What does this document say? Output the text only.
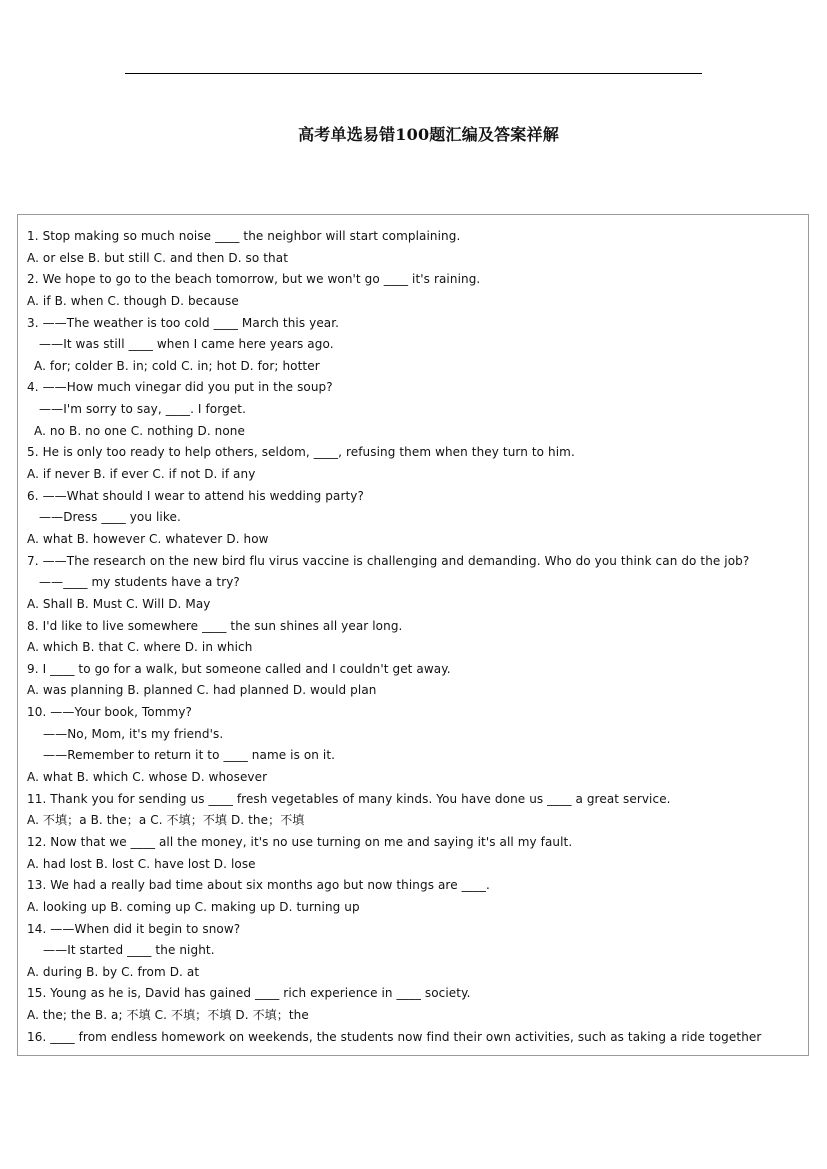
高考单选易错100题汇编及答案祥解
1. Stop making so much noise ____ the neighbor will start complaining.
A. or else B. but still C. and then D. so that
2. We hope to go to the beach tomorrow, but we won't go ____ it's raining.
A. if B. when C. though D. because
3. ——The weather is too cold ____ March this year.
——It was still ____ when I came here years ago.
A. for; colder B. in; cold C. in; hot D. for; hotter
4. ——How much vinegar did you put in the soup?
——I'm sorry to say, ____. I forget.
A. no B. no one C. nothing D. none
5. He is only too ready to help others, seldom, ____, refusing them when they turn to him.
A. if never B. if ever C. if not D. if any
6. ——What should I wear to attend his wedding party?
——Dress ____ you like.
A. what B. however C. whatever D. how
7. ——The research on the new bird flu virus vaccine is challenging and demanding. Who do you think can do the job?
——____ my students have a try?
A. Shall B. Must C. Will D. May
8. I'd like to live somewhere ____ the sun shines all year long.
A. which B. that C. where D. in which
9. I ____ to go for a walk, but someone called and I couldn't get away.
A. was planning B. planned C. had planned D. would plan
10. ——Your book, Tommy?
——No, Mom, it's my friend's.
——Remember to return it to ____ name is on it.
A. what B. which C. whose D. whosever
11. Thank you for sending us ____ fresh vegetables of many kinds. You have done us ____ a great service.
A. 不填；a B. the；a C. 不填；不填 D. the；不填
12. Now that we ____ all the money, it's no use turning on me and saying it's all my fault.
A. had lost B. lost C. have lost D. lose
13. We had a really bad time about six months ago but now things are ____.
A. looking up B. coming up C. making up D. turning up
14. ——When did it begin to snow?
——It started ____ the night.
A. during B. by C. from D. at
15. Young as he is, David has gained ____ rich experience in ____ society.
A. the; the B. a; 不填 C. 不填；不填 D. 不填；the
16. ____ from endless homework on weekends, the students now find their own activities, such as taking a ride together
